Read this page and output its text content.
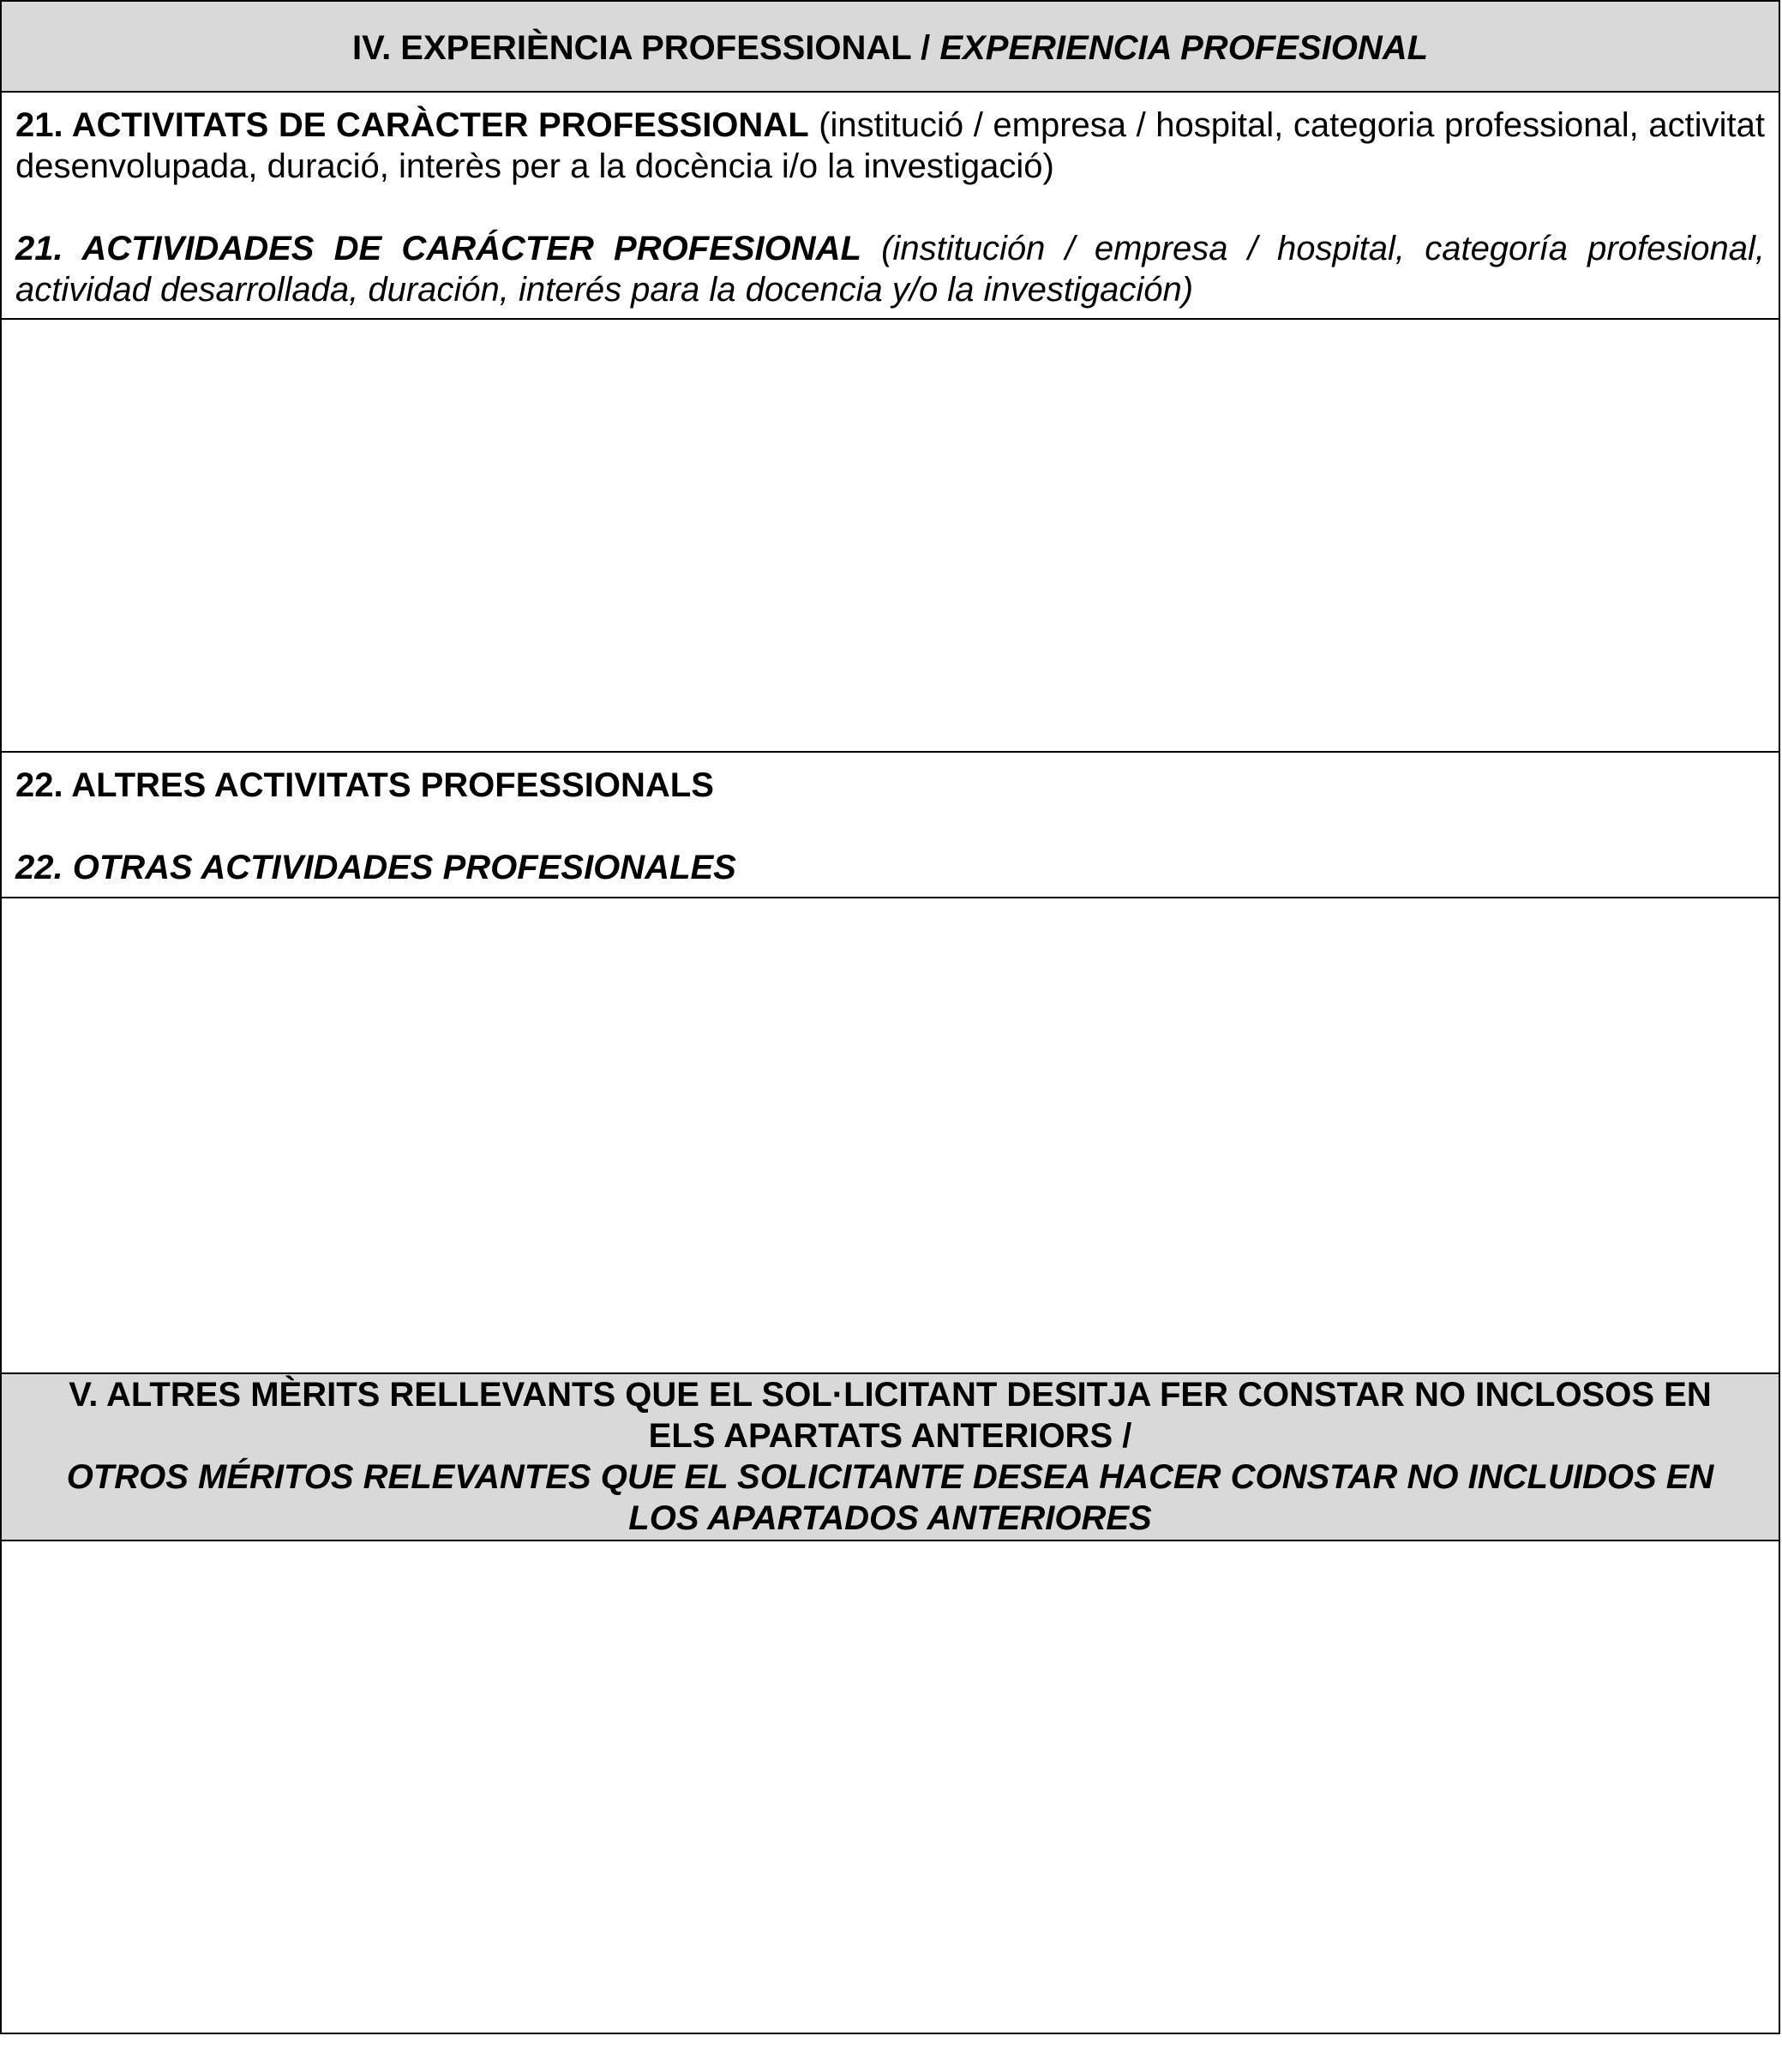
IV. EXPERIÈNCIA PROFESSIONAL / EXPERIENCIA PROFESIONAL
21. ACTIVITATS DE CARÀCTER PROFESSIONAL (institució / empresa / hospital, categoria professional, activitat desenvolupada, duració, interès per a la docència i/o la investigació)
21. ACTIVIDADES DE CARÁCTER PROFESIONAL (institución / empresa / hospital, categoría profesional, actividad desarrollada, duración, interés para la docencia y/o la investigación)
22. ALTRES ACTIVITATS PROFESSIONALS
22. OTRAS ACTIVIDADES PROFESIONALES
V. ALTRES MÈRITS RELLEVANTS QUE EL SOL·LICITANT DESITJA FER CONSTAR NO INCLOSOS EN
ELS APARTATS ANTERIORS /
OTROS MÉRITOS RELEVANTES QUE EL SOLICITANTE DESEA HACER CONSTAR NO INCLUIDOS EN
LOS APARTADOS ANTERIORES
